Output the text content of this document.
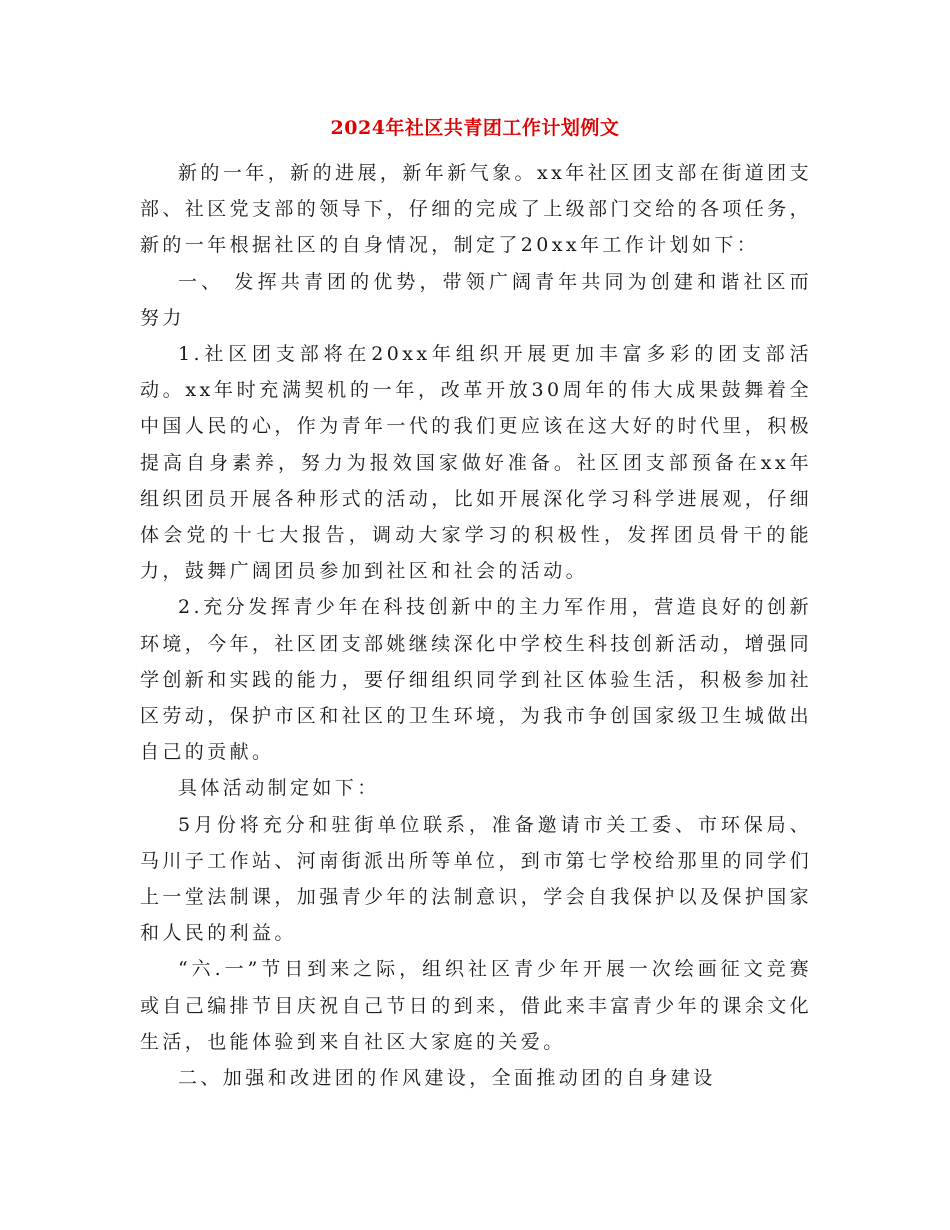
2024年社区共青团工作计划例文

新的一年，新的进展，新年新气象。xx年社区团支部在街道团支部、社区党支部的领导下，仔细的完成了上级部门交给的各项任务，新的一年根据社区的自身情况，制定了20xx年工作计划如下：

一、 发挥共青团的优势，带领广阔青年共同为创建和谐社区而努力

1.社区团支部将在20xx年组织开展更加丰富多彩的团支部活动。xx年时充满契机的一年，改革开放30周年的伟大成果鼓舞着全中国人民的心，作为青年一代的我们更应该在这大好的时代里，积极提高自身素养，努力为报效国家做好准备。社区团支部预备在xx年组织团员开展各种形式的活动，比如开展深化学习科学进展观，仔细体会党的十七大报告，调动大家学习的积极性，发挥团员骨干的能力，鼓舞广阔团员参加到社区和社会的活动。

2.充分发挥青少年在科技创新中的主力军作用，营造良好的创新环境，今年，社区团支部姚继续深化中学校生科技创新活动，增强同学创新和实践的能力，要仔细组织同学到社区体验生活，积极参加社区劳动，保护市区和社区的卫生环境，为我市争创国家级卫生城做出自己的贡献。

具体活动制定如下：

5月份将充分和驻街单位联系，准备邀请市关工委、市环保局、马川子工作站、河南街派出所等单位，到市第七学校给那里的同学们上一堂法制课，加强青少年的法制意识，学会自我保护以及保护国家和人民的利益。

“六.一”节日到来之际，组织社区青少年开展一次绘画征文竞赛或自己编排节目庆祝自己节日的到来，借此来丰富青少年的课余文化生活，也能体验到来自社区大家庭的关爱。

二、加强和改进团的作风建设，全面推动团的自身建设
